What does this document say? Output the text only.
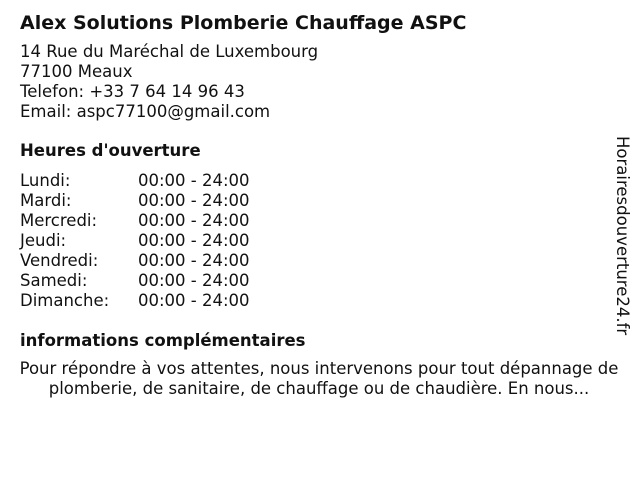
Alex Solutions Plomberie Chauffage ASPC
14 Rue du Maréchal de Luxembourg
77100 Meaux
Telefon: +33 7 64 14 96 43
Email: aspc77100@gmail.com
Heures d'ouverture
Lundi:	00:00 - 24:00
Mardi:	00:00 - 24:00
Mercredi:	00:00 - 24:00
Jeudi:	00:00 - 24:00
Vendredi:	00:00 - 24:00
Samedi:	00:00 - 24:00
Dimanche:	00:00 - 24:00
informations complémentaires
Pour répondre à vos attentes, nous intervenons pour tout dépannage de plomberie, de sanitaire, de chauffage ou de chaudière. En nous...
Horairesdouverture24.fr
